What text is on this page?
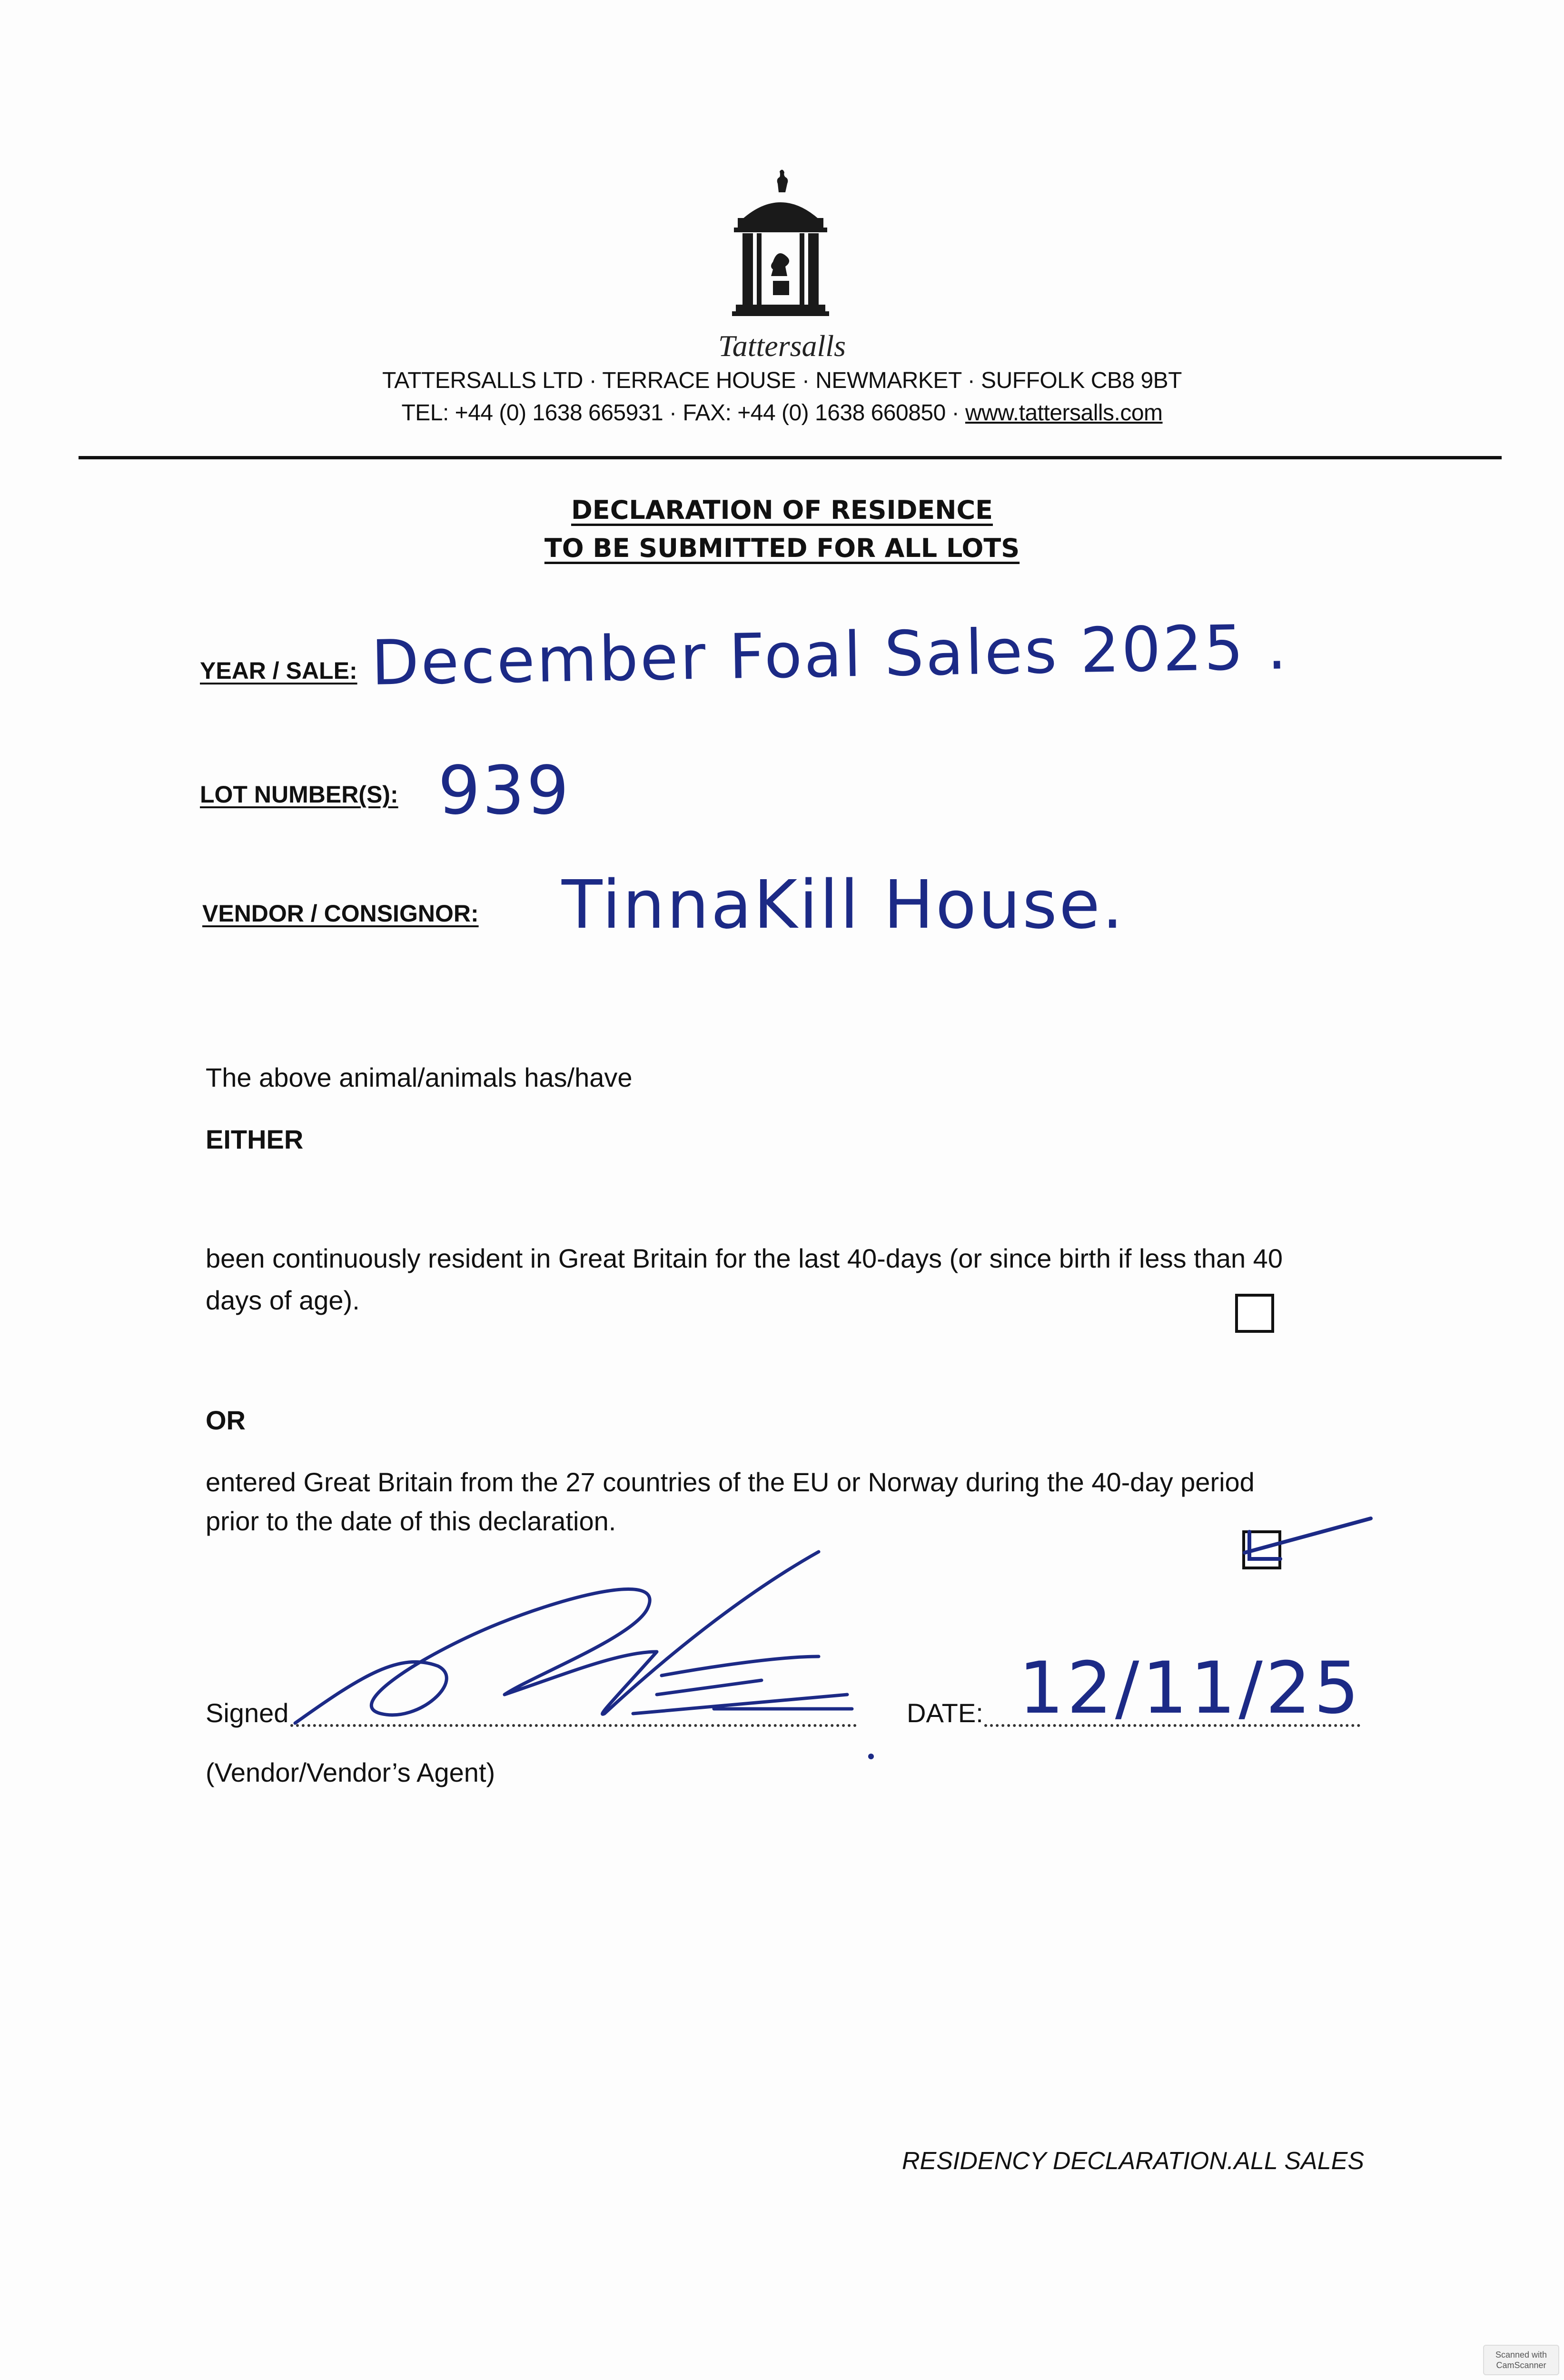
Tattersalls
TATTERSALLS LTD · TERRACE HOUSE · NEWMARKET · SUFFOLK CB8 9BT
TEL: +44 (0) 1638 665931 · FAX: +44 (0) 1638 660850 · www.tattersalls.com
DECLARATION OF RESIDENCE
TO BE SUBMITTED FOR ALL LOTS
YEAR / SALE: December Foal Sales 2025 .
LOT NUMBER(S): 939
VENDOR / CONSIGNOR: TinnaKill House.
The above animal/animals has/have
EITHER
been continuously resident in Great Britain for the last 40-days (or since birth if less than 40
days of age).
OR
entered Great Britain from the 27 countries of the EU or Norway during the 40-day period
prior to the date of this declaration.
Signed
(Vendor/Vendor’s Agent)
DATE: 12/11/25
RESIDENCY DECLARATION.ALL SALES
Scanned with
CamScanner
